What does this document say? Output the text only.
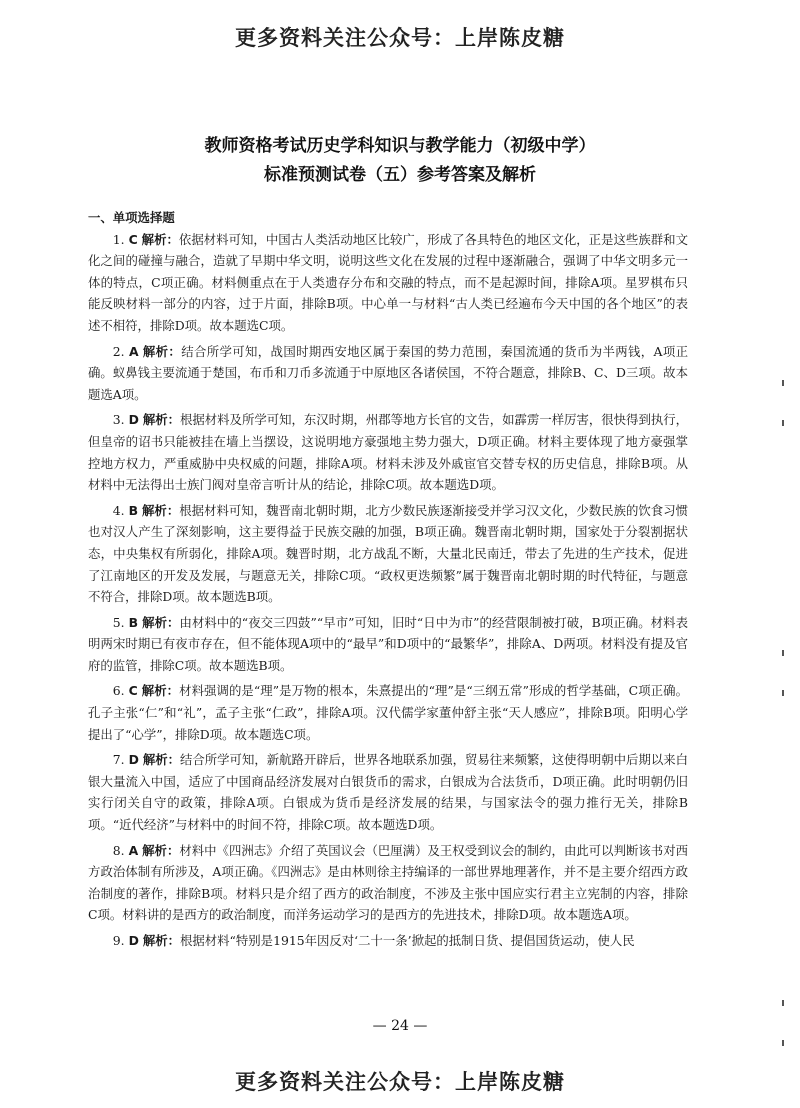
更多资料关注公众号：上岸陈皮糖
教师资格考试历史学科知识与教学能力（初级中学）
标准预测试卷（五）参考答案及解析

一、单项选择题

1. C 解析：依据材料可知，中国古人类活动地区比较广，形成了各具特色的地区文化，正是这些族群和文化之间的碰撞与融合，造就了早期中华文明，说明这些文化在发展的过程中逐渐融合，强调了中华文明多元一体的特点，C项正确。材料侧重点在于人类遗存分布和交融的特点，而不是起源时间，排除A项。星罗棋布只能反映材料一部分的内容，过于片面，排除B项。中心单一与材料“古人类已经遍布今天中国的各个地区”的表述不相符，排除D项。故本题选C项。

2. A 解析：结合所学可知，战国时期西安地区属于秦国的势力范围，秦国流通的货币为半两钱，A项正确。蚁鼻钱主要流通于楚国，布币和刀币多流通于中原地区各诸侯国，不符合题意，排除B、C、D三项。故本题选A项。

3. D 解析：根据材料及所学可知，东汉时期，州郡等地方长官的文告，如霹雳一样厉害，很快得到执行，但皇帝的诏书只能被挂在墙上当摆设，这说明地方豪强地主势力强大，D项正确。材料主要体现了地方豪强掌控地方权力，严重威胁中央权威的问题，排除A项。材料未涉及外戚宦官交替专权的历史信息，排除B项。从材料中无法得出士族门阀对皇帝言听计从的结论，排除C项。故本题选D项。

4. B 解析：根据材料可知，魏晋南北朝时期，北方少数民族逐渐接受并学习汉文化，少数民族的饮食习惯也对汉人产生了深刻影响，这主要得益于民族交融的加强，B项正确。魏晋南北朝时期，国家处于分裂割据状态，中央集权有所弱化，排除A项。魏晋时期，北方战乱不断，大量北民南迁，带去了先进的生产技术，促进了江南地区的开发及发展，与题意无关，排除C项。“政权更迭频繁”属于魏晋南北朝时期的时代特征，与题意不符合，排除D项。故本题选B项。

5. B 解析：由材料中的“夜交三四鼓”“早市”可知，旧时“日中为市”的经营限制被打破，B项正确。材料表明两宋时期已有夜市存在，但不能体现A项中的“最早”和D项中的“最繁华”，排除A、D两项。材料没有提及官府的监管，排除C项。故本题选B项。

6. C 解析：材料强调的是“理”是万物的根本，朱熹提出的“理”是“三纲五常”形成的哲学基础，C项正确。孔子主张“仁”和“礼”，孟子主张“仁政”，排除A项。汉代儒学家董仲舒主张“天人感应”，排除B项。阳明心学提出了“心学”，排除D项。故本题选C项。

7. D 解析：结合所学可知，新航路开辟后，世界各地联系加强，贸易往来频繁，这使得明朝中后期以来白银大量流入中国，适应了中国商品经济发展对白银货币的需求，白银成为合法货币，D项正确。此时明朝仍旧实行闭关自守的政策，排除A项。白银成为货币是经济发展的结果，与国家法令的强力推行无关，排除B项。“近代经济”与材料中的时间不符，排除C项。故本题选D项。

8. A 解析：材料中《四洲志》介绍了英国议会（巴厘满）及王权受到议会的制约，由此可以判断该书对西方政治体制有所涉及，A项正确。《四洲志》是由林则徐主持编译的一部世界地理著作，并不是主要介绍西方政治制度的著作，排除B项。材料只是介绍了西方的政治制度，不涉及主张中国应实行君主立宪制的内容，排除C项。材料讲的是西方的政治制度，而洋务运动学习的是西方的先进技术，排除D项。故本题选A项。

9. D 解析：根据材料“特别是1915年因反对‘二十一条’掀起的抵制日货、提倡国货运动，使人民

— 24 —
更多资料关注公众号：上岸陈皮糖
